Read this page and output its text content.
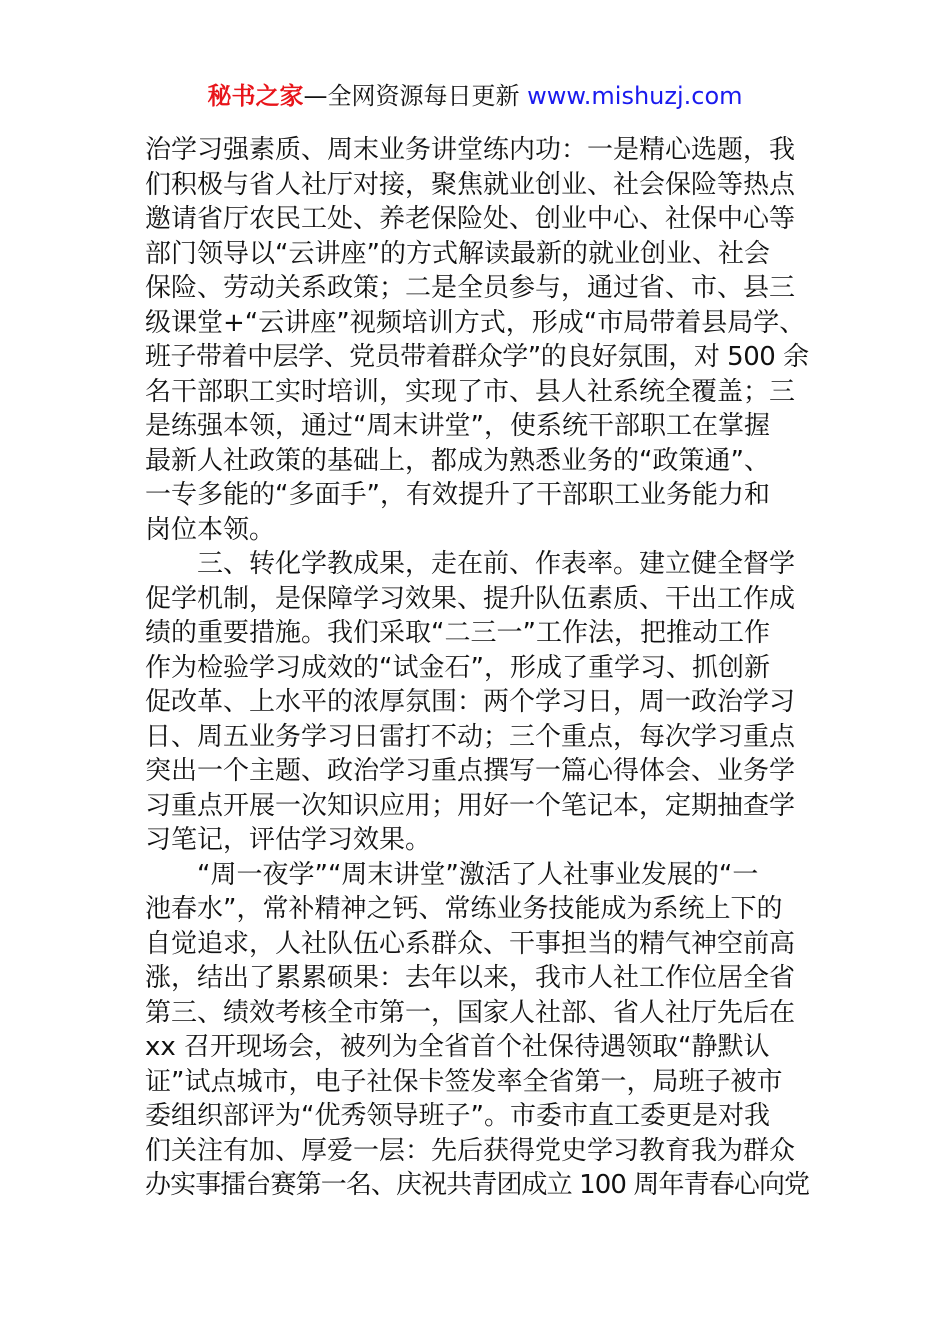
秘书之家—全网资源每日更新 www.mishuzj.com
治学习强素质、周末业务讲堂练内功：一是精心选题，我
们积极与省人社厅对接，聚焦就业创业、社会保险等热点
邀请省厅农民工处、养老保险处、创业中心、社保中心等
部门领导以“云讲座”的方式解读最新的就业创业、社会
保险、劳动关系政策；二是全员参与，通过省、市、县三
级课堂+“云讲座”视频培训方式，形成“市局带着县局学、
班子带着中层学、党员带着群众学”的良好氛围，对 500 余
名干部职工实时培训，实现了市、县人社系统全覆盖；三
是练强本领，通过“周末讲堂”，使系统干部职工在掌握
最新人社政策的基础上，都成为熟悉业务的“政策通”、
一专多能的“多面手”，有效提升了干部职工业务能力和
岗位本领。
　　三、转化学教成果，走在前、作表率。建立健全督学
促学机制，是保障学习效果、提升队伍素质、干出工作成
绩的重要措施。我们采取“二三一”工作法，把推动工作
作为检验学习成效的“试金石”，形成了重学习、抓创新
促改革、上水平的浓厚氛围：两个学习日，周一政治学习
日、周五业务学习日雷打不动；三个重点，每次学习重点
突出一个主题、政治学习重点撰写一篇心得体会、业务学
习重点开展一次知识应用；用好一个笔记本，定期抽查学
习笔记，评估学习效果。
　　“周一夜学”“周末讲堂”激活了人社事业发展的“一
池春水”，常补精神之钙、常练业务技能成为系统上下的
自觉追求，人社队伍心系群众、干事担当的精气神空前高
涨，结出了累累硕果：去年以来，我市人社工作位居全省
第三、绩效考核全市第一，国家人社部、省人社厅先后在
xx 召开现场会，被列为全省首个社保待遇领取“静默认
证”试点城市，电子社保卡签发率全省第一，局班子被市
委组织部评为“优秀领导班子”。市委市直工委更是对我
们关注有加、厚爱一层：先后获得党史学习教育我为群众
办实事擂台赛第一名、庆祝共青团成立 100 周年青春心向党
